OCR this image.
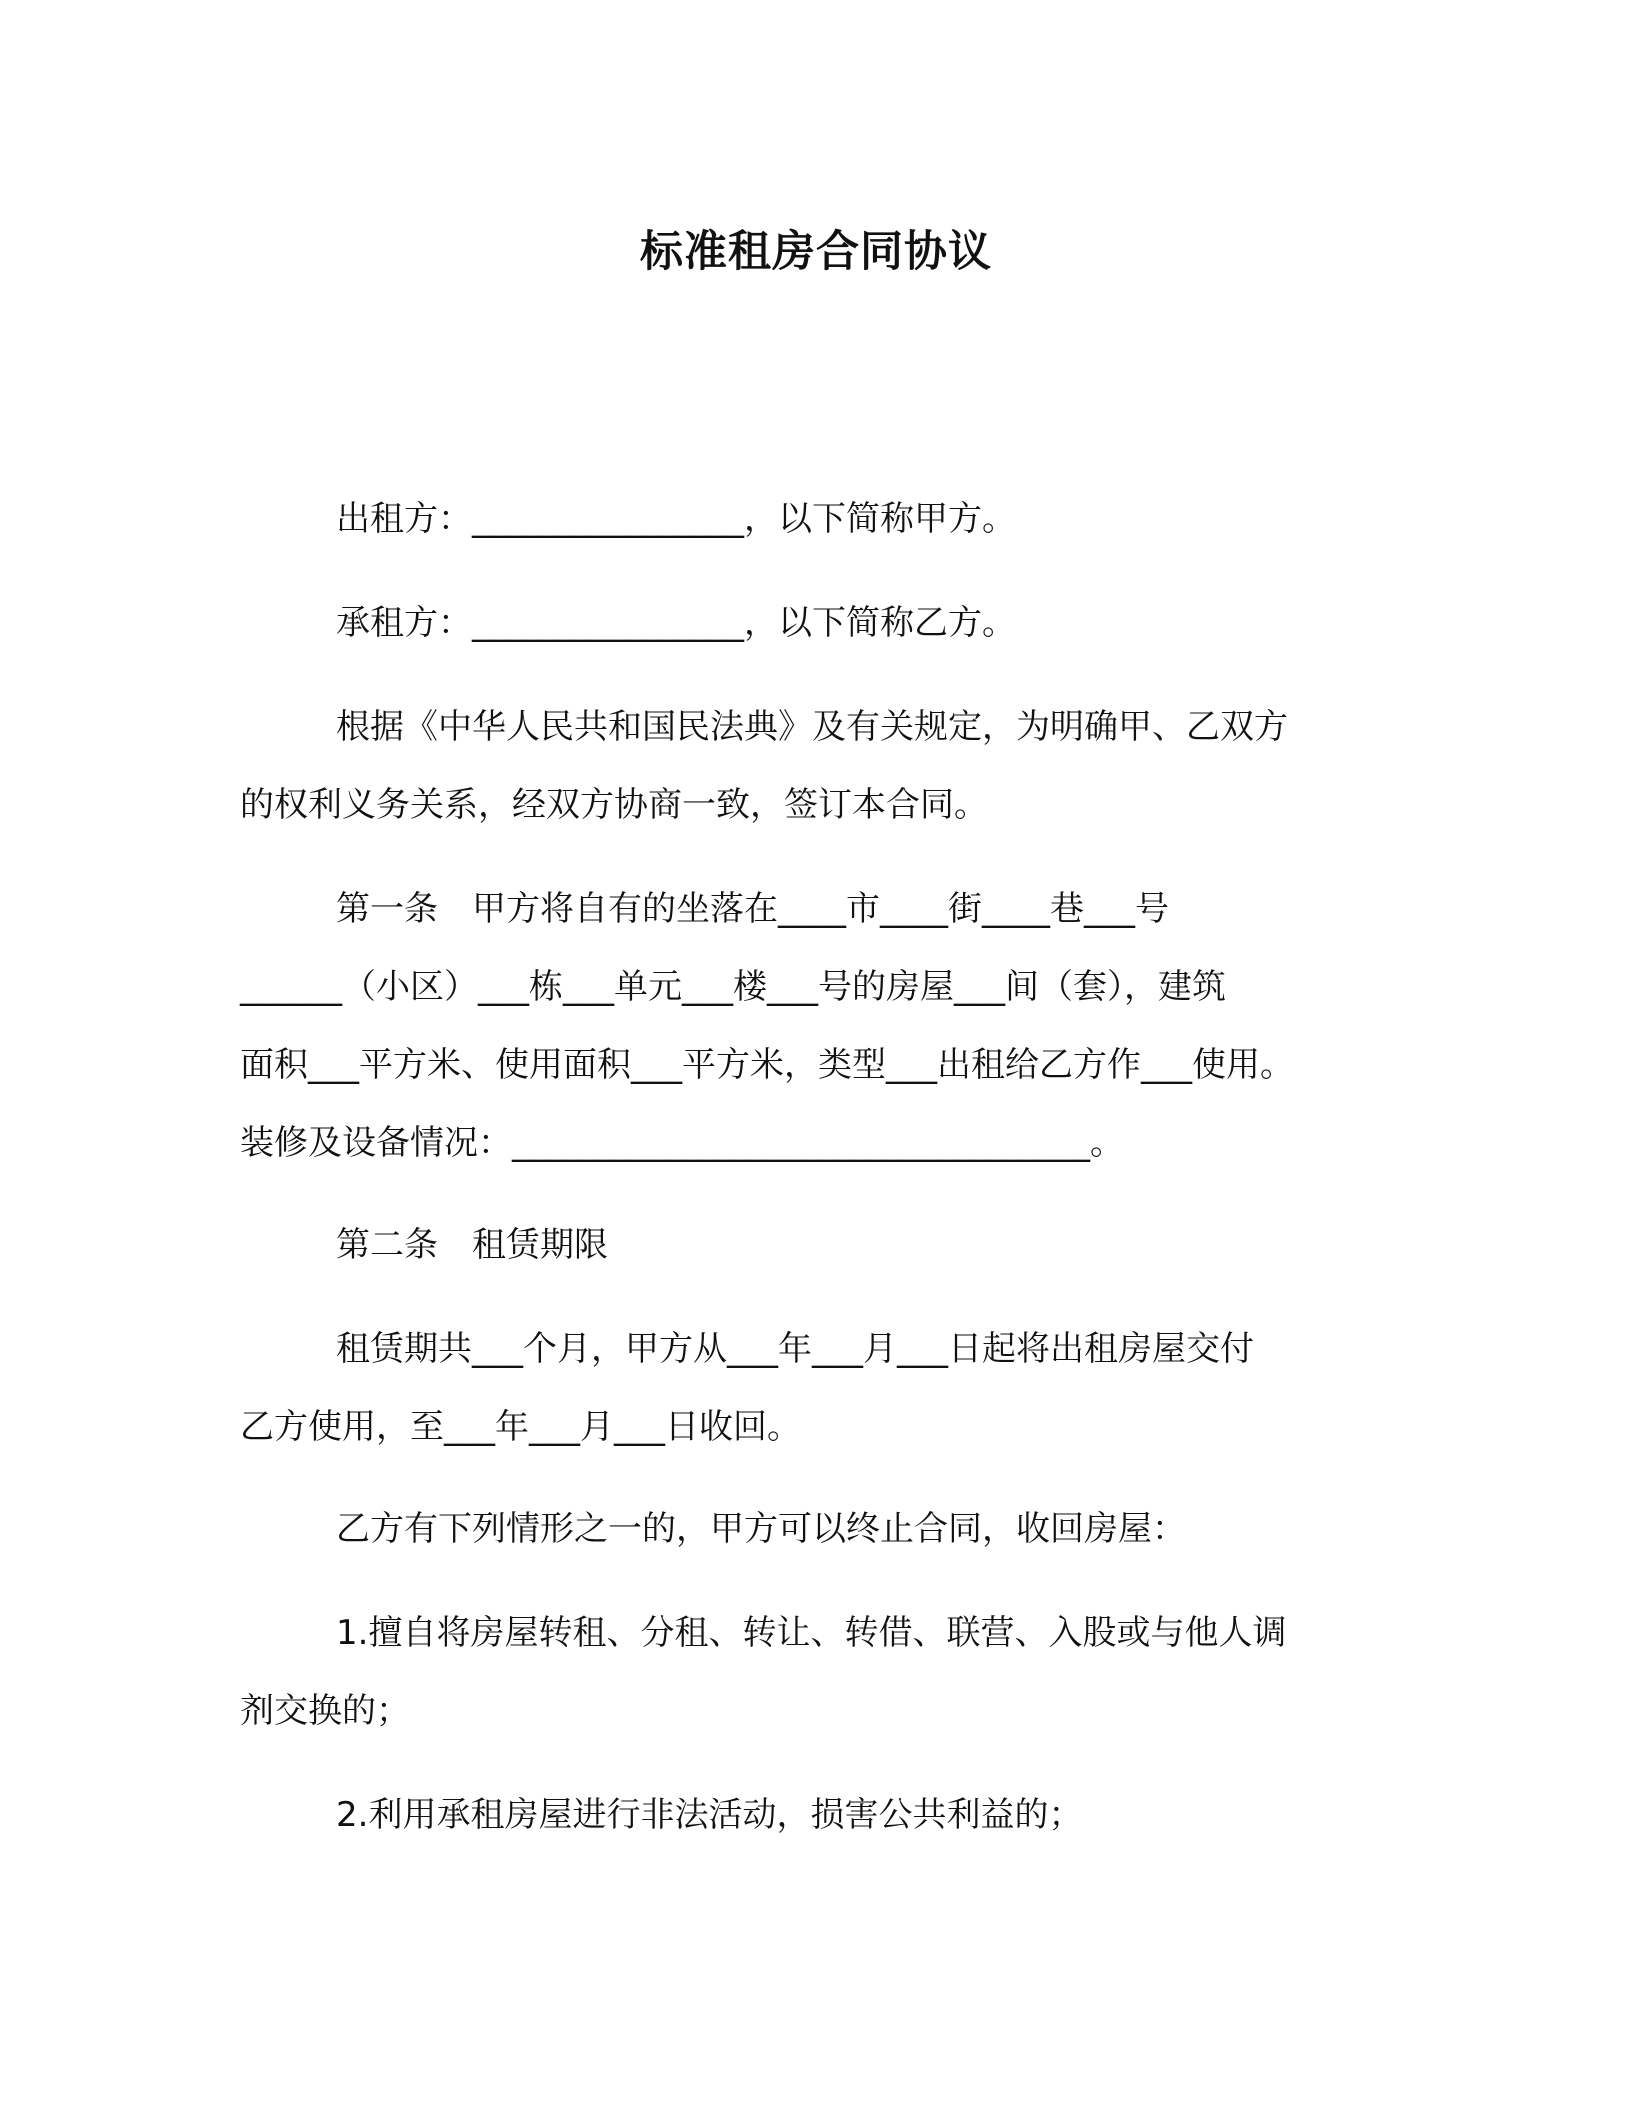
标准租房合同协议

出租方：________________，以下简称甲方。

承租方：________________，以下简称乙方。

根据《中华人民共和国民法典》及有关规定，为明确甲、乙双方
的权利义务关系，经双方协商一致，签订本合同。

第一条　甲方将自有的坐落在____市____街____巷___号
______（小区）___栋___单元___楼___号的房屋___间（套），建筑
面积___平方米、使用面积___平方米，类型___出租给乙方作___使用。
装修及设备情况：__________________________________。

第二条　租赁期限

租赁期共___个月，甲方从___年___月___日起将出租房屋交付
乙方使用，至___年___月___日收回。

乙方有下列情形之一的，甲方可以终止合同，收回房屋：

1.擅自将房屋转租、分租、转让、转借、联营、入股或与他人调
剂交换的；

2.利用承租房屋进行非法活动，损害公共利益的；
